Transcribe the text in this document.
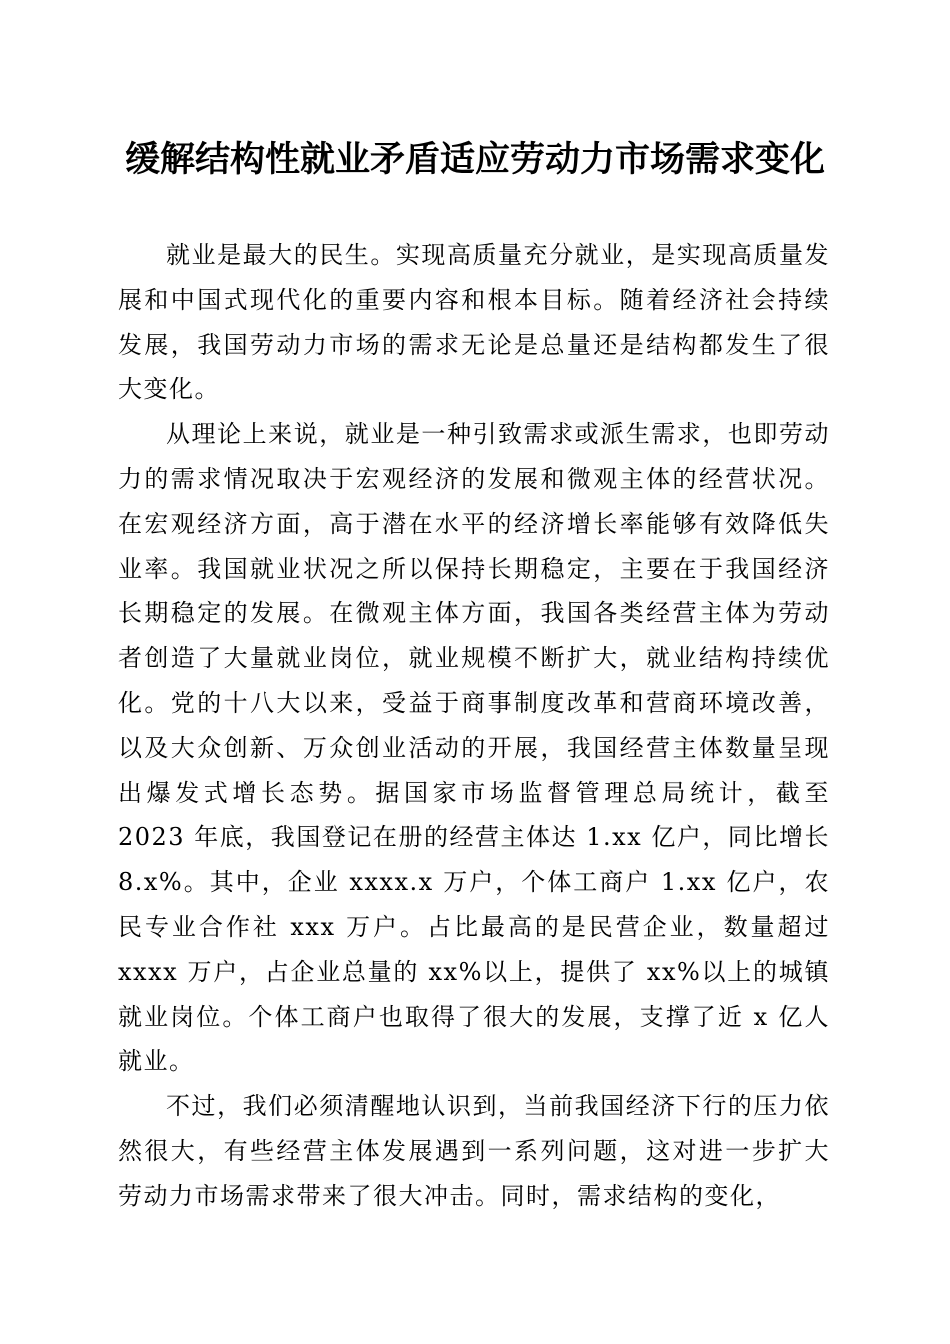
缓解结构性就业矛盾适应劳动力市场需求变化

就业是最大的民生。实现高质量充分就业，是实现高质量发展和中国式现代化的重要内容和根本目标。随着经济社会持续发展，我国劳动力市场的需求无论是总量还是结构都发生了很大变化。

从理论上来说，就业是一种引致需求或派生需求，也即劳动力的需求情况取决于宏观经济的发展和微观主体的经营状况。在宏观经济方面，高于潜在水平的经济增长率能够有效降低失业率。我国就业状况之所以保持长期稳定，主要在于我国经济长期稳定的发展。在微观主体方面，我国各类经营主体为劳动者创造了大量就业岗位，就业规模不断扩大，就业结构持续优化。党的十八大以来，受益于商事制度改革和营商环境改善，以及大众创新、万众创业活动的开展，我国经营主体数量呈现出爆发式增长态势。据国家市场监督管理总局统计，截至 2023 年底，我国登记在册的经营主体达 1.xx 亿户，同比增长 8.x%。其中，企业 xxxx.x 万户，个体工商户 1.xx 亿户，农民专业合作社 xxx 万户。占比最高的是民营企业，数量超过 xxxx 万户，占企业总量的 xx%以上，提供了 xx%以上的城镇就业岗位。个体工商户也取得了很大的发展，支撑了近 x 亿人就业。

不过，我们必须清醒地认识到，当前我国经济下行的压力依然很大，有些经营主体发展遇到一系列问题，这对进一步扩大劳动力市场需求带来了很大冲击。同时，需求结构的变化，
